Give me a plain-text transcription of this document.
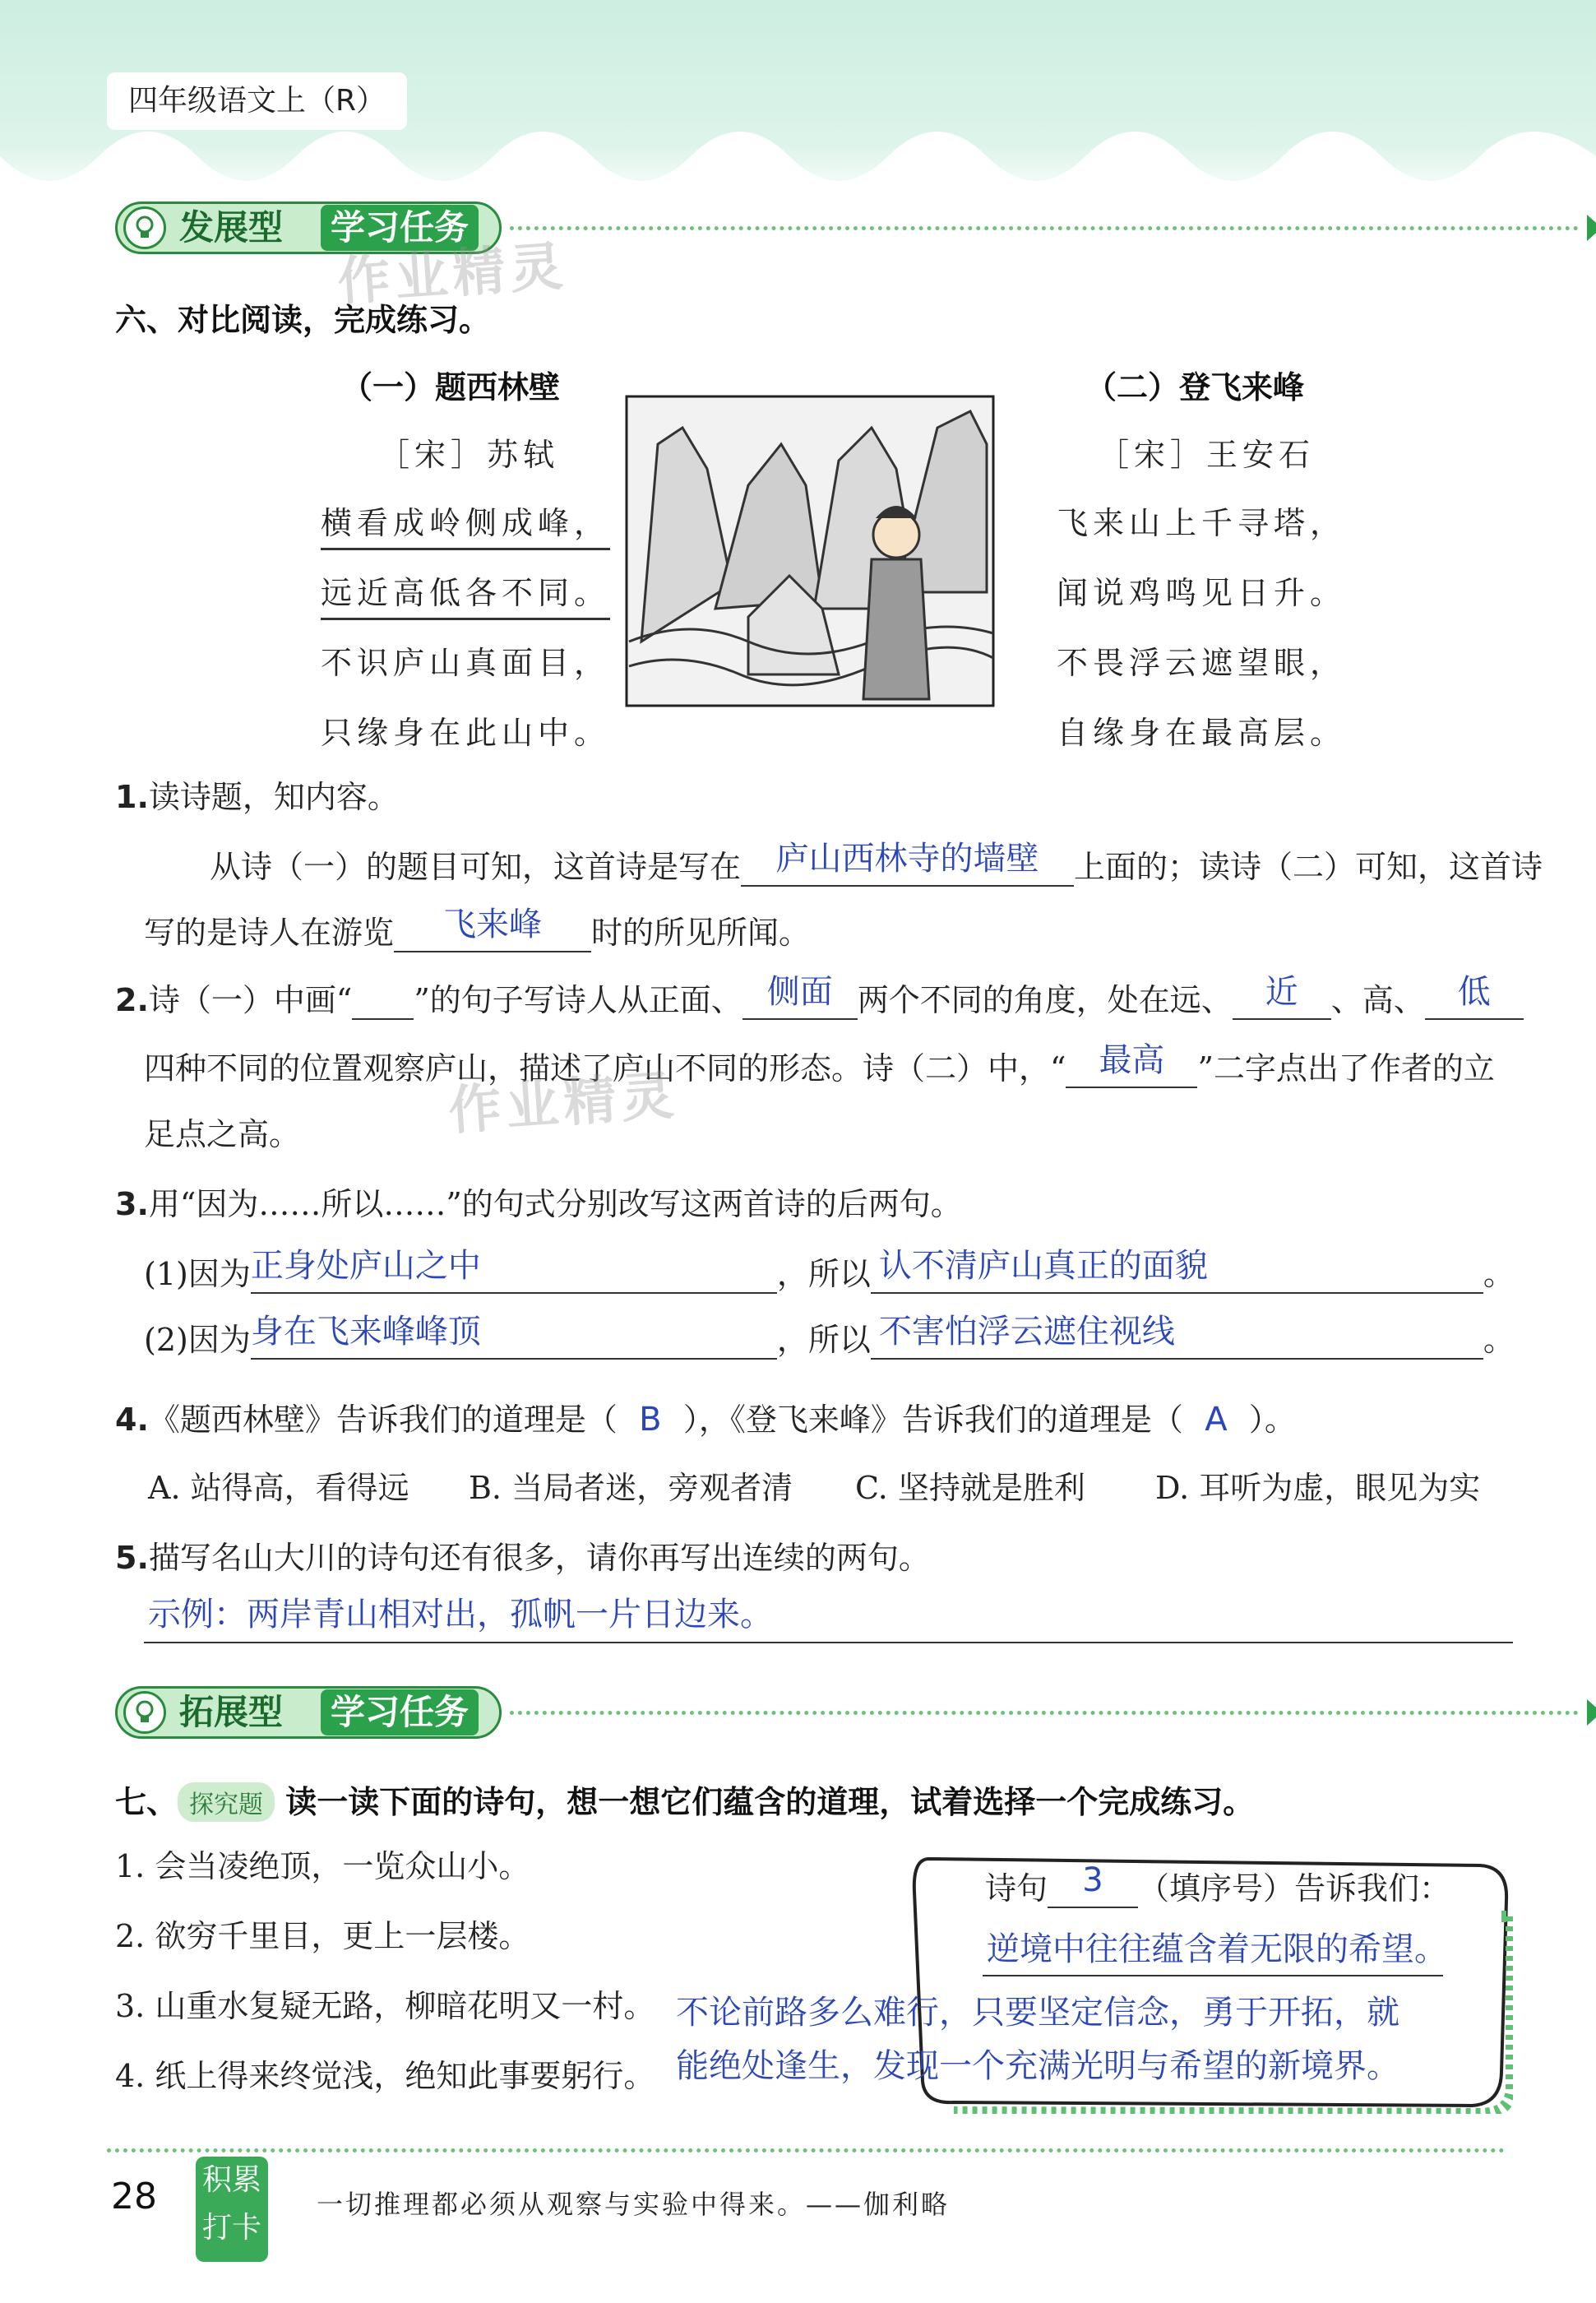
四年级语文上（R）
发展型 学习任务
作业精灵
六、对比阅读，完成练习。
（一）题西林壁
［宋］苏轼
横看成岭侧成峰，
远近高低各不同。
不识庐山真面目，
只缘身在此山中。
（二）登飞来峰
［宋］王安石
飞来山上千寻塔，
闻说鸡鸣见日升。
不畏浮云遮望眼，
自缘身在最高层。
1.读诗题，知内容。
从诗（一）的题目可知，这首诗是写在	庐山西林寺的墙壁	上面的；读诗（二）可知，这首诗
写的是诗人在游览	飞来峰	时的所见所闻。
2.诗（一）中画“ ”的句子写诗人从正面、 侧面 两个不同的角度，处在远、	近	、高、	低
四种不同的位置观察庐山，描述了庐山不同的形态。诗（二）中，“	最高	”二字点出了作者的立
足点之高。	作业精灵
3.用“因为……所以……”的句式分别改写这两首诗的后两句。
(1)因为 正身处庐山之中	，所以 认不清庐山真正的面貌	。
(2)因为 身在飞来峰峰顶	，所以 不害怕浮云遮住视线	。
4.《题西林壁》告诉我们的道理是（ B ），《登飞来峰》告诉我们的道理是（ A ）。
A. 站得高，看得远 B. 当局者迷，旁观者清 C. 坚持就是胜利 D. 耳听为虚，眼见为实
5.描写名山大川的诗句还有很多，请你再写出连续的两句。
示例：两岸青山相对出，孤帆一片日边来。
拓展型 学习任务
七、 探究题 读一读下面的诗句，想一想它们蕴含的道理，试着选择一个完成练习。
1. 会当凌绝顶，一览众山小。
2. 欲穷千里目，更上一层楼。
3. 山重水复疑无路，柳暗花明又一村。
4. 纸上得来终觉浅，绝知此事要躬行。
诗句	3	（填序号）告诉我们：
逆境中往往蕴含着无限的希望。
不论前路多么难行，只要坚定信念，勇于开拓，就
能绝处逢生，发现一个充满光明与希望的新境界。
28 积累
打卡
一切推理都必须从观察与实验中得来。——伽利略
